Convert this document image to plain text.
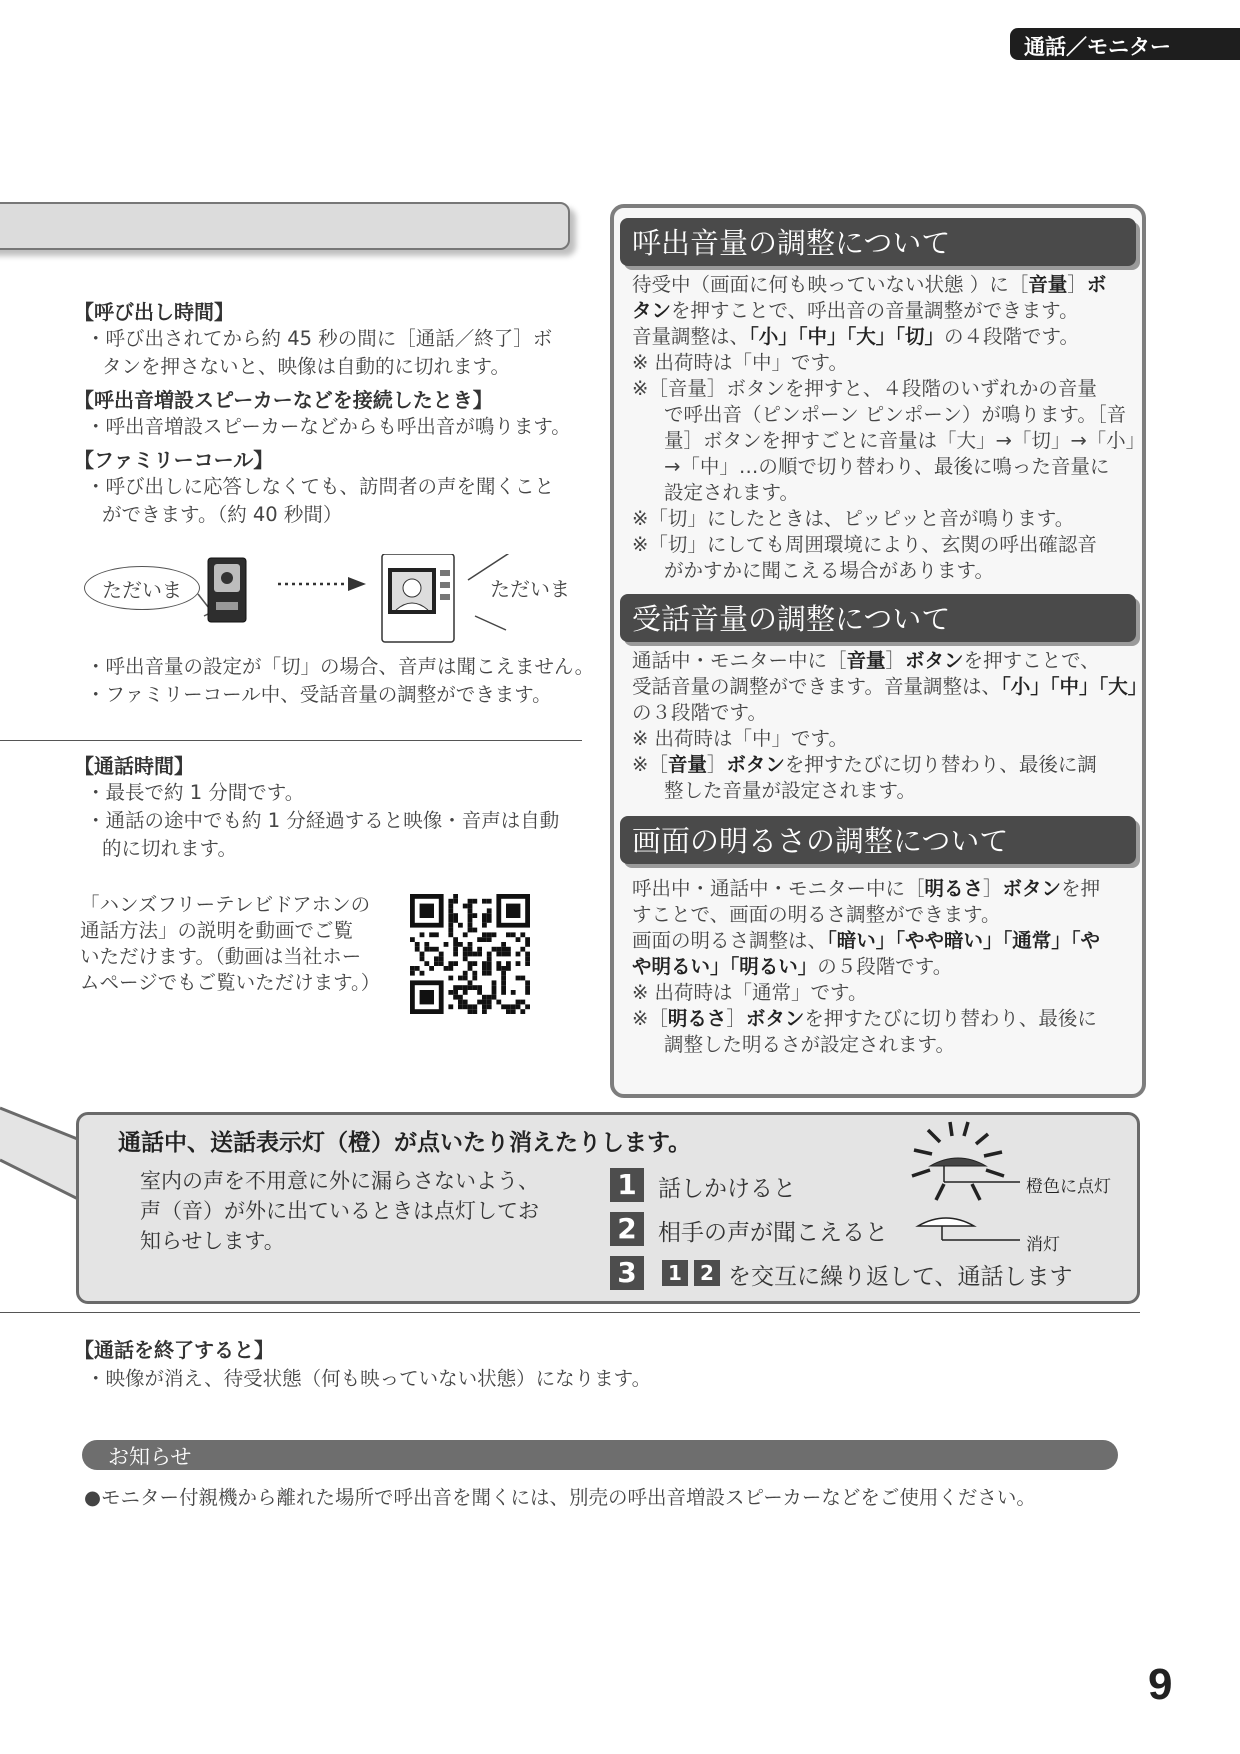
通話／モニター
【呼び出し時間】
・呼び出されてから約 45 秒の間に［通話／終了］ボ
タンを押さないと、映像は自動的に切れます。
【呼出音増設スピーカーなどを接続したとき】
・呼出音増設スピーカーなどからも呼出音が鳴ります。
【ファミリーコール】
・呼び出しに応答しなくても、訪問者の声を聞くこと
ができます。（約 40 秒間）
ただいま	ただいま
・呼出音量の設定が「切」の場合、音声は聞こえません。
・ファミリーコール中、受話音量の調整ができます。
【通話時間】
・最長で約 1 分間です。
・通話の途中でも約 1 分経過すると映像・音声は自動
的に切れます。
「ハンズフリーテレビドアホンの
通話方法」の説明を動画でご覧
いただけます。（動画は当社ホー
ムページでもご覧いただけます。）
呼出音量の調整について
待受中（画面に何も映っていない状態 ）に［音量］ボ
タンを押すことで、呼出音の音量調整ができます。
音量調整は、「小」「中」「大」「切」の４段階です。
※ 出荷時は「中」です。
※［音量］ボタンを押すと、４段階のいずれかの音量
で呼出音（ピンポーン ピンポーン）が鳴ります。［音
量］ボタンを押すごとに音量は「大」→「切」→「小」
→「中」…の順で切り替わり、最後に鳴った音量に
設定されます。
※「切」にしたときは、ピッピッと音が鳴ります。
※「切」にしても周囲環境により、玄関の呼出確認音
がかすかに聞こえる場合があります。
受話音量の調整について
通話中・モニター中に［音量］ボタンを押すことで、
受話音量の調整ができます。音量調整は、「小」「中」「大」
の３段階です。
※ 出荷時は「中」です。
※［音量］ボタンを押すたびに切り替わり、最後に調
整した音量が設定されます。
画面の明るさの調整について
呼出中・通話中・モニター中に［明るさ］ボタンを押
すことで、画面の明るさ調整ができます。
画面の明るさ調整は、「暗い」「やや暗い」「通常」「や
や明るい」「明るい」の５段階です。
※ 出荷時は「通常」です。
※［明るさ］ボタンを押すたびに切り替わり、最後に
調整した明るさが設定されます。
通話中、送話表示灯（橙）が点いたり消えたりします。
室内の声を不用意に外に漏らさないよう、
声（音）が外に出ているときは点灯してお
知らせします。
1 話しかけると
2 相手の声が聞こえると
3	1 2 を交互に繰り返して、通話します
橙色に点灯
消灯
【通話を終了すると】
・映像が消え、待受状態（何も映っていない状態）になります。
お知らせ
●モニター付親機から離れた場所で呼出音を聞くには、別売の呼出音増設スピーカーなどをご使用ください。
9
